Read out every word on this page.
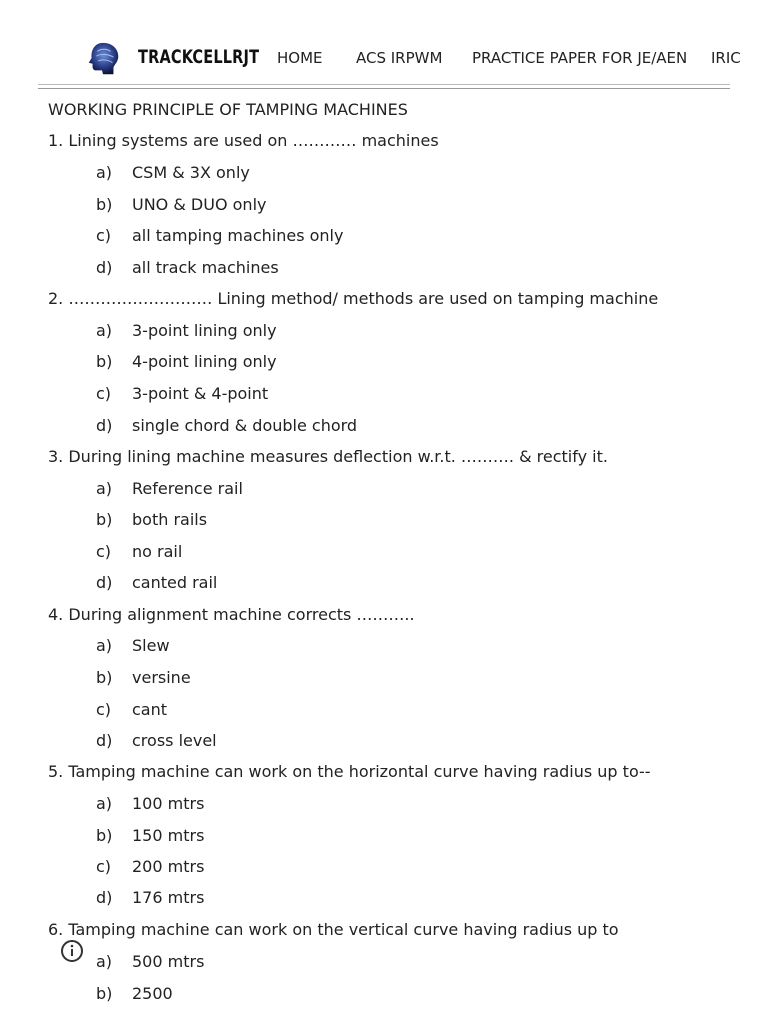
TRACKCELLRJT HOME ACS IRPWM PRACTICE PAPER FOR JE/AEN IRIC
WORKING PRINCIPLE OF TAMPING MACHINES
1. Lining systems are used on ………… machines
a) CSM & 3X only
b) UNO & DUO only
c) all tamping machines only
d) all track machines
2. ……………………… Lining method/ methods are used on tamping machine
a) 3-point lining only
b) 4-point lining only
c) 3-point & 4-point
d) single chord & double chord
3. During lining machine measures deflection w.r.t. ………. & rectify it.
a) Reference rail
b) both rails
c) no rail
d) canted rail
4. During alignment machine corrects ………..
a) Slew
b) versine
c) cant
d) cross level
5. Tamping machine can work on the horizontal curve having radius up to--
a) 100 mtrs
b) 150 mtrs
c) 200 mtrs
d) 176 mtrs
6. Tamping machine can work on the vertical curve having radius up to
a) 500 mtrs
b) 2500
